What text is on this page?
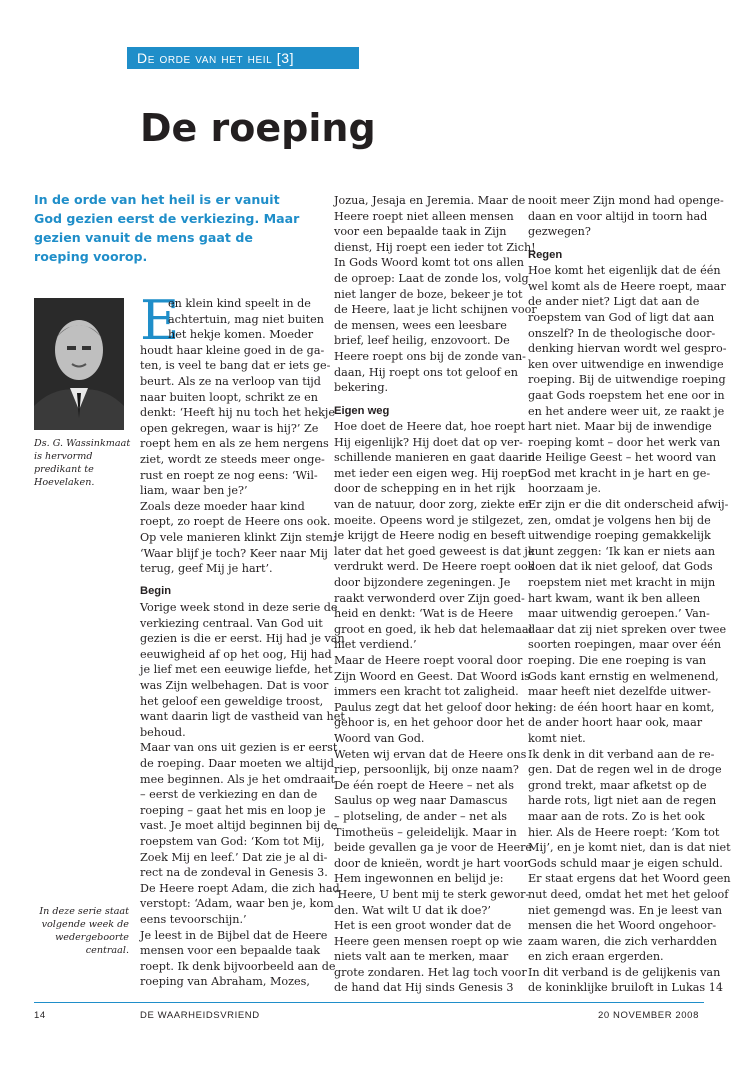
De orde van het heil [3]
De roeping

In de orde van het heil is er vanuit God gezien eerst de verkiezing. Maar gezien vanuit de mens gaat de roeping voorop.

Ds. G. Wassinkmaat is hervormd predikant te Hoevelaken.

In deze serie staat volgende week de wedergeboorte centraal.

E
en klein kind speelt in de
achtertuin, mag niet buiten
het hekje komen. Moeder
houdt haar kleine goed in de ga-
ten, is veel te bang dat er iets ge-
beurt. Als ze na verloop van tijd
naar buiten loopt, schrikt ze en
denkt: ‘Heeft hij nu toch het hekje
open gekregen, waar is hij?’ Ze
roept hem en als ze hem nergens
ziet, wordt ze steeds meer onge-
rust en roept ze nog eens: ‘Wil-
liam, waar ben je?’
Zoals deze moeder haar kind
roept, zo roept de Heere ons ook.
Op vele manieren klinkt Zijn stem:
‘Waar blijf je toch? Keer naar Mij
terug, geef Mij je hart’.
Begin
Vorige week stond in deze serie de
verkiezing centraal. Van God uit
gezien is die er eerst. Hij had je van
eeuwigheid af op het oog, Hij had
je lief met een eeuwige liefde, het
was Zijn welbehagen. Dat is voor
het geloof een geweldige troost,
want daarin ligt de vastheid van het
behoud.
Maar van ons uit gezien is er eerst
de roeping. Daar moeten we altijd
mee beginnen. Als je het omdraait
– eerst de verkiezing en dan de
roeping – gaat het mis en loop je
vast. Je moet altijd beginnen bij de
roepstem van God: ‘Kom tot Mij,
Zoek Mij en leef.’ Dat zie je al di-
rect na de zondeval in Genesis 3.
De Heere roept Adam, die zich had
verstopt: ‘Adam, waar ben je, kom
eens tevoorschijn.’
Je leest in de Bijbel dat de Heere
mensen voor een bepaalde taak
roept. Ik denk bijvoorbeeld aan de
roeping van Abraham, Mozes,
Jozua, Jesaja en Jeremia. Maar de
Heere roept niet alleen mensen
voor een bepaalde taak in Zijn
dienst, Hij roept een ieder tot Zich!
In Gods Woord komt tot ons allen
de oproep: Laat de zonde los, volg
niet langer de boze, bekeer je tot
de Heere, laat je licht schijnen voor
de mensen, wees een leesbare
brief, leef heilig, enzovoort. De
Heere roept ons bij de zonde van-
daan, Hij roept ons tot geloof en
bekering.
Eigen weg
Hoe doet de Heere dat, hoe roept
Hij eigenlijk? Hij doet dat op ver-
schillende manieren en gaat daarin
met ieder een eigen weg. Hij roept
door de schepping en in het rijk
van de natuur, door zorg, ziekte en
moeite. Opeens word je stilgezet,
je krijgt de Heere nodig en beseft
later dat het goed geweest is dat je
verdrukt werd. De Heere roept ook
door bijzondere zegeningen. Je
raakt verwonderd over Zijn goed-
heid en denkt: ‘Wat is de Heere
groot en goed, ik heb dat helemaal
niet verdiend.’
Maar de Heere roept vooral door
Zijn Woord en Geest. Dat Woord is
immers een kracht tot zaligheid.
Paulus zegt dat het geloof door het
gehoor is, en het gehoor door het
Woord van God.
Weten wij ervan dat de Heere ons
riep, persoonlijk, bij onze naam?
De één roept de Heere – net als
Saulus op weg naar Damascus
– plotseling, de ander – net als
Timotheüs – geleidelijk. Maar in
beide gevallen ga je voor de Heere
door de knieën, wordt je hart voor
Hem ingewonnen en belijd je:
‘Heere, U bent mij te sterk gewor-
den. Wat wilt U dat ik doe?’
Het is een groot wonder dat de
Heere geen mensen roept op wie
niets valt aan te merken, maar
grote zondaren. Het lag toch voor
de hand dat Hij sinds Genesis 3
nooit meer Zijn mond had openge-
daan en voor altijd in toorn had
gezwegen?
Regen
Hoe komt het eigenlijk dat de één
wel komt als de Heere roept, maar
de ander niet? Ligt dat aan de
roepstem van God of ligt dat aan
onszelf? In de theologische door-
denking hiervan wordt wel gespro-
ken over uitwendige en inwendige
roeping. Bij de uitwendige roeping
gaat Gods roepstem het ene oor in
en het andere weer uit, ze raakt je
hart niet. Maar bij de inwendige
roeping komt – door het werk van
de Heilige Geest – het woord van
God met kracht in je hart en ge-
hoorzaam je.
Er zijn er die dit onderscheid afwij-
zen, omdat je volgens hen bij de
uitwendige roeping gemakkelijk
kunt zeggen: ‘Ik kan er niets aan
doen dat ik niet geloof, dat Gods
roepstem niet met kracht in mijn
hart kwam, want ik ben alleen
maar uitwendig geroepen.’ Van-
daar dat zij niet spreken over twee
soorten roepingen, maar over één
roeping. Die ene roeping is van
Gods kant ernstig en welmenend,
maar heeft niet dezelfde uitwer-
king: de één hoort haar en komt,
de ander hoort haar ook, maar
komt niet.
Ik denk in dit verband aan de re-
gen. Dat de regen wel in de droge
grond trekt, maar afketst op de
harde rots, ligt niet aan de regen
maar aan de rots. Zo is het ook
hier. Als de Heere roept: ‘Kom tot
Mij’, en je komt niet, dan is dat niet
Gods schuld maar je eigen schuld.
Er staat ergens dat het Woord geen
nut deed, omdat het met het geloof
niet gemengd was. En je leest van
mensen die het Woord ongehoor-
zaam waren, die zich verhardden
en zich eraan ergerden.
In dit verband is de gelijkenis van
de koninklijke bruiloft in Lukas 14
14	DE WAARHEIDSVRIEND	20 NOVEMBER 2008
